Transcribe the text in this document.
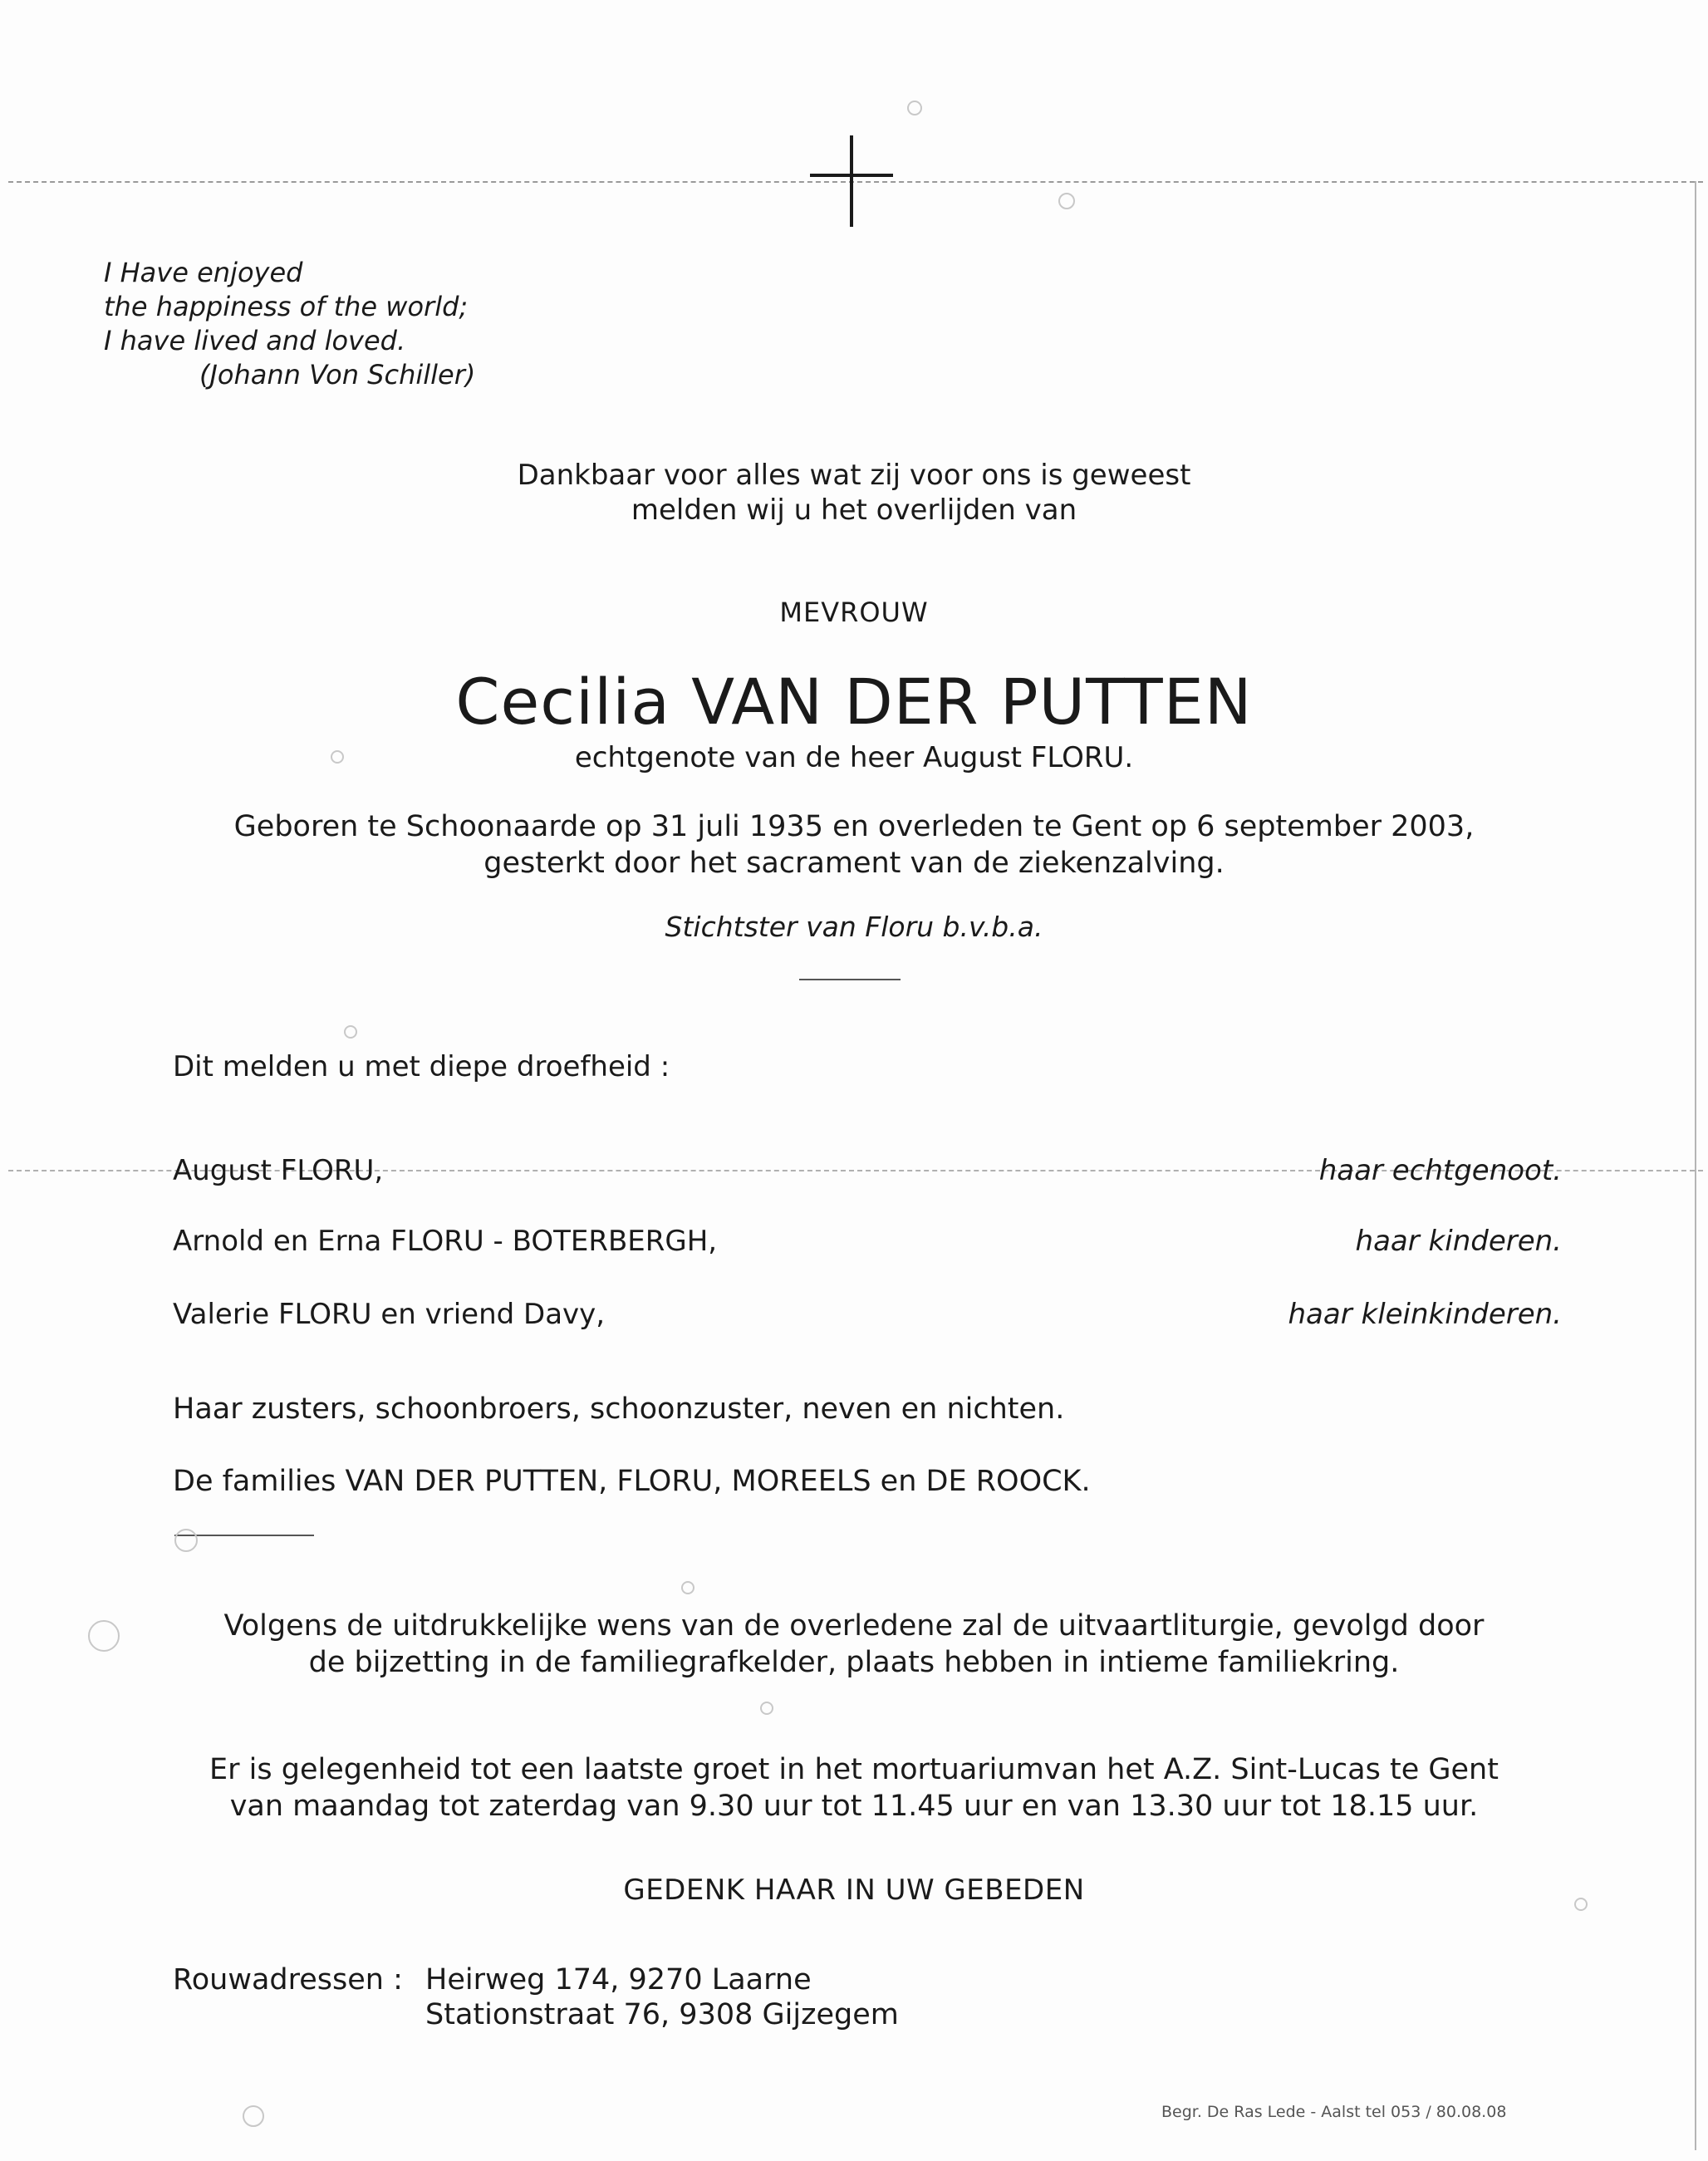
I Have enjoyed
the happiness of the world;
I have lived and loved.
(Johann Von Schiller)
Dankbaar voor alles wat zij voor ons is geweest
melden wij u het overlijden van
MEVROUW
Cecilia VAN DER PUTTEN
echtgenote van de heer August FLORU.
Geboren te Schoonaarde op 31 juli 1935 en overleden te Gent op 6 september 2003,
gesterkt door het sacrament van de ziekenzalving.
Stichtster van Floru b.v.b.a.
Dit melden u met diepe droefheid :
August FLORU,	haar echtgenoot.
Arnold en Erna FLORU - BOTERBERGH,	haar kinderen.
Valerie FLORU en vriend Davy,	haar kleinkinderen.
Haar zusters, schoonbroers, schoonzuster, neven en nichten.
De families VAN DER PUTTEN, FLORU, MOREELS en DE ROOCK.
Volgens de uitdrukkelijke wens van de overledene zal de uitvaartliturgie, gevolgd door
de bijzetting in de familiegrafkelder, plaats hebben in intieme familiekring.
Er is gelegenheid tot een laatste groet in het mortuariumvan het A.Z. Sint-Lucas te Gent
van maandag tot zaterdag van 9.30 uur tot 11.45 uur en van 13.30 uur tot 18.15 uur.
GEDENK HAAR IN UW GEBEDEN
Rouwadressen : Heirweg 174, 9270 Laarne
Stationstraat 76, 9308 Gijzegem
Begr. De Ras Lede - Aalst tel 053 / 80.08.08
